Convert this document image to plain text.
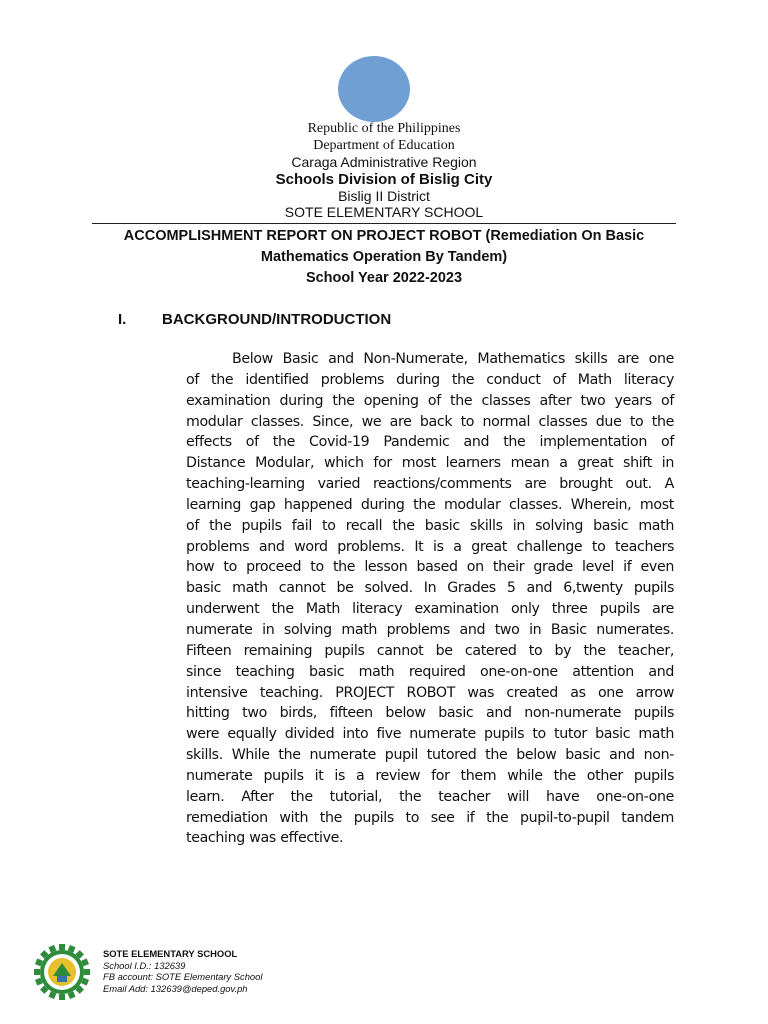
Republic of the Philippines
Department of Education
Caraga Administrative Region
Schools Division of Bislig City
Bislig II District
SOTE ELEMENTARY SCHOOL
ACCOMPLISHMENT REPORT ON PROJECT ROBOT (Remediation On Basic
Mathematics Operation By Tandem)
School Year 2022-2023
I. BACKGROUND/INTRODUCTION
Below Basic and Non-Numerate, Mathematics skills are one
of the identified problems during the conduct of Math literacy
examination during the opening of the classes after two years of
modular classes. Since, we are back to normal classes due to the
effects of the Covid-19 Pandemic and the implementation of
Distance Modular, which for most learners mean a great shift in
teaching-learning varied reactions/comments are brought out. A
learning gap happened during the modular classes. Wherein, most
of the pupils fail to recall the basic skills in solving basic math
problems and word problems. It is a great challenge to teachers
how to proceed to the lesson based on their grade level if even
basic math cannot be solved. In Grades 5 and 6,twenty pupils
underwent the Math literacy examination only three pupils are
numerate in solving math problems and two in Basic numerates.
Fifteen remaining pupils cannot be catered to by the teacher,
since teaching basic math required one-on-one attention and
intensive teaching. PROJECT ROBOT was created as one arrow
hitting two birds, fifteen below basic and non-numerate pupils
were equally divided into five numerate pupils to tutor basic math
skills. While the numerate pupil tutored the below basic and non-
numerate pupils it is a review for them while the other pupils
learn. After the tutorial, the teacher will have one-on-one
remediation with the pupils to see if the pupil-to-pupil tandem
teaching was effective.
SOTE ELEMENTARY SCHOOL
School I.D.: 132639
FB account: SOTE Elementary School
Email Add: 132639@deped.gov.ph
